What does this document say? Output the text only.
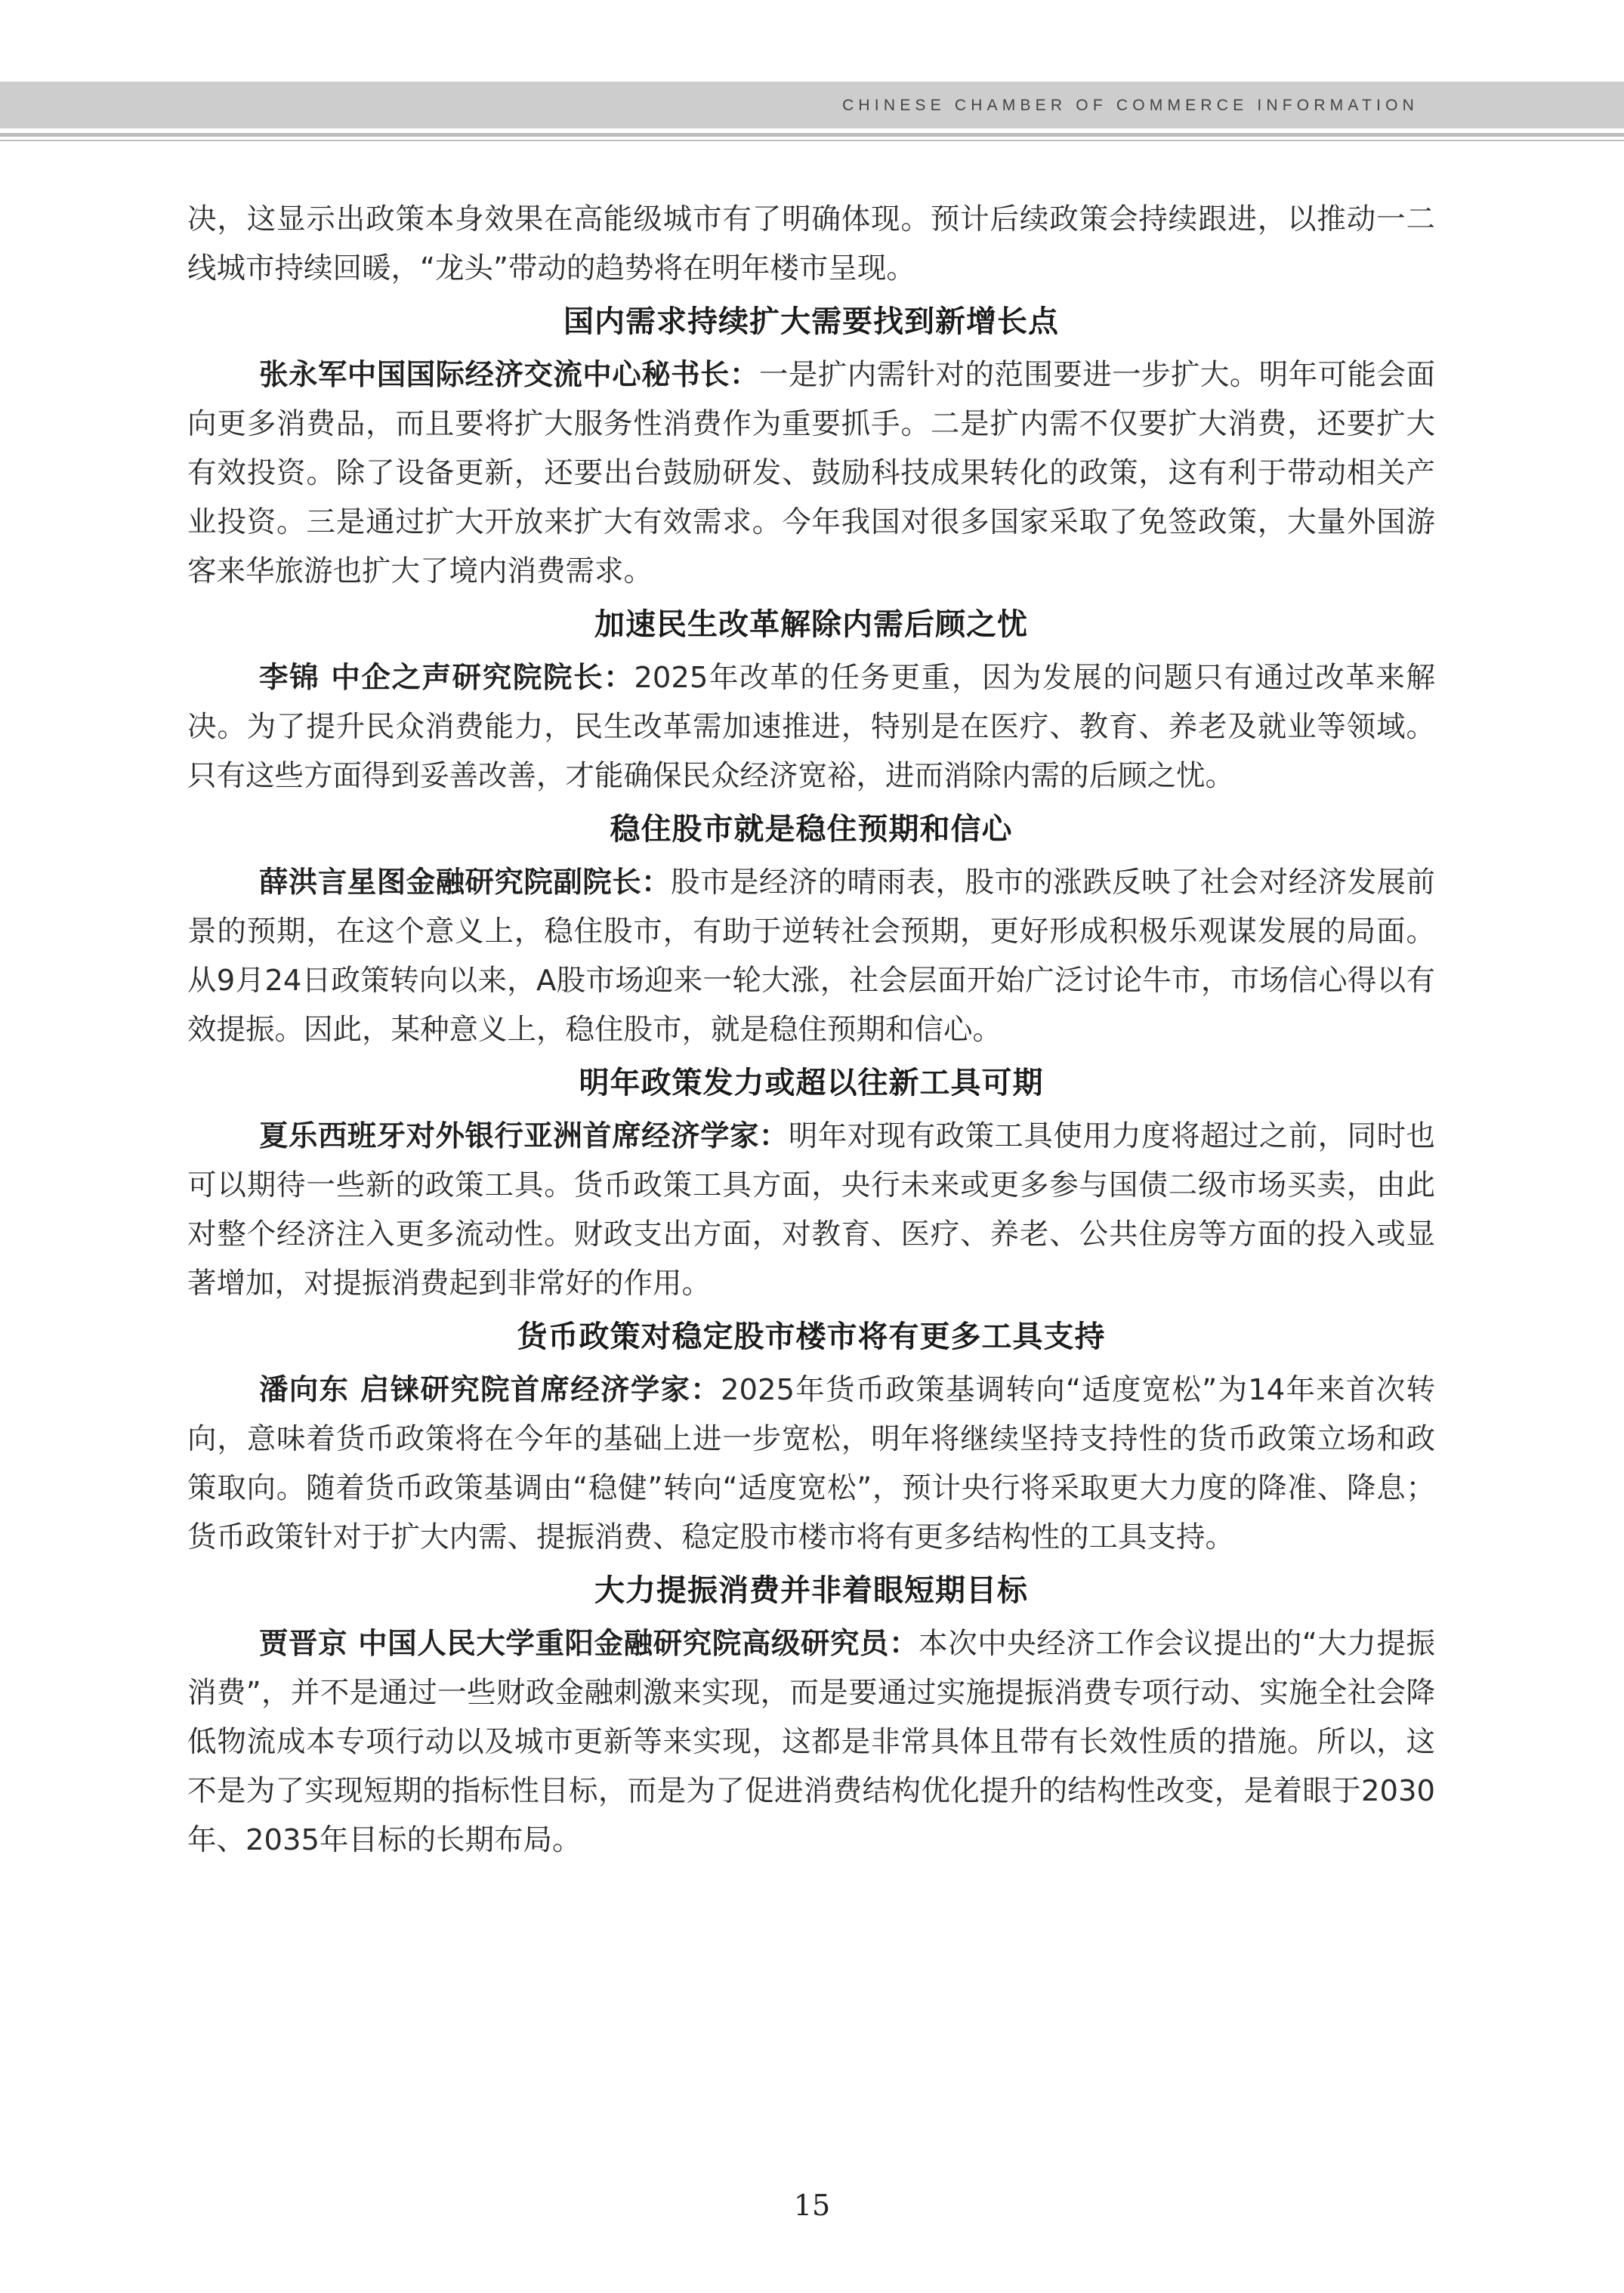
CHINESE CHAMBER OF COMMERCE INFORMATION

决，这显示出政策本身效果在高能级城市有了明确体现。预计后续政策会持续跟进，以推动一二线城市持续回暖，“龙头”带动的趋势将在明年楼市呈现。

国内需求持续扩大需要找到新增长点

张永军中国国际经济交流中心秘书长：一是扩内需针对的范围要进一步扩大。明年可能会面向更多消费品，而且要将扩大服务性消费作为重要抓手。二是扩内需不仅要扩大消费，还要扩大有效投资。除了设备更新，还要出台鼓励研发、鼓励科技成果转化的政策，这有利于带动相关产业投资。三是通过扩大开放来扩大有效需求。今年我国对很多国家采取了免签政策，大量外国游客来华旅游也扩大了境内消费需求。

加速民生改革解除内需后顾之忧

李锦 中企之声研究院院长：2025年改革的任务更重，因为发展的问题只有通过改革来解决。为了提升民众消费能力，民生改革需加速推进，特别是在医疗、教育、养老及就业等领域。只有这些方面得到妥善改善，才能确保民众经济宽裕，进而消除内需的后顾之忧。

稳住股市就是稳住预期和信心

薛洪言星图金融研究院副院长：股市是经济的晴雨表，股市的涨跌反映了社会对经济发展前景的预期，在这个意义上，稳住股市，有助于逆转社会预期，更好形成积极乐观谋发展的局面。从9月24日政策转向以来，A股市场迎来一轮大涨，社会层面开始广泛讨论牛市，市场信心得以有效提振。因此，某种意义上，稳住股市，就是稳住预期和信心。

明年政策发力或超以往新工具可期

夏乐西班牙对外银行亚洲首席经济学家：明年对现有政策工具使用力度将超过之前，同时也可以期待一些新的政策工具。货币政策工具方面，央行未来或更多参与国债二级市场买卖，由此对整个经济注入更多流动性。财政支出方面，对教育、医疗、养老、公共住房等方面的投入或显著增加，对提振消费起到非常好的作用。

货币政策对稳定股市楼市将有更多工具支持

潘向东 启铼研究院首席经济学家：2025年货币政策基调转向“适度宽松”为14年来首次转向，意味着货币政策将在今年的基础上进一步宽松，明年将继续坚持支持性的货币政策立场和政策取向。随着货币政策基调由“稳健”转向“适度宽松”，预计央行将采取更大力度的降准、降息；货币政策针对于扩大内需、提振消费、稳定股市楼市将有更多结构性的工具支持。

大力提振消费并非着眼短期目标

贾晋京 中国人民大学重阳金融研究院高级研究员：本次中央经济工作会议提出的“大力提振消费”，并不是通过一些财政金融刺激来实现，而是要通过实施提振消费专项行动、实施全社会降低物流成本专项行动以及城市更新等来实现，这都是非常具体且带有长效性质的措施。所以，这不是为了实现短期的指标性目标，而是为了促进消费结构优化提升的结构性改变，是着眼于2030年、2035年目标的长期布局。

15
